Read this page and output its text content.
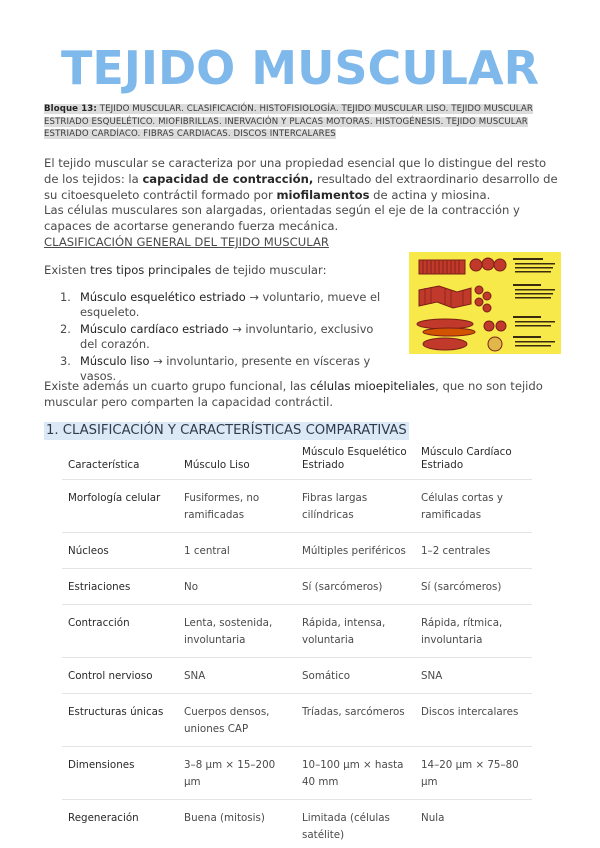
TEJIDO MUSCULAR
Bloque 13: TEJIDO MUSCULAR. CLASIFICACIÓN. HISTOFISIOLOGÍA. TEJIDO MUSCULAR LISO. TEJIDO MUSCULAR ESTRIADO ESQUELÉTICO. MIOFIBRILLAS. INERVACIÓN Y PLACAS MOTORAS. HISTOGÉNESIS. TEJIDO MUSCULAR ESTRIADO CARDÍACO. FIBRAS CARDIACAS. DISCOS INTERCALARES
El tejido muscular se caracteriza por una propiedad esencial que lo distingue del resto de los tejidos: la capacidad de contracción, resultado del extraordinario desarrollo de su citoesqueleto contráctil formado por miofilamentos de actina y miosina.
Las células musculares son alargadas, orientadas según el eje de la contracción y capaces de acortarse generando fuerza mecánica.
CLASIFICACIÓN GENERAL DEL TEJIDO MUSCULAR
Existen tres tipos principales de tejido muscular:
1. Músculo esquelético estriado → voluntario, mueve el esqueleto.
2. Músculo cardíaco estriado → involuntario, exclusivo del corazón.
3. Músculo liso → involuntario, presente en vísceras y vasos.
Existe además un cuarto grupo funcional, las células mioepiteliales, que no son tejido muscular pero comparten la capacidad contráctil.
1. CLASIFICACIÓN Y CARACTERÍSTICAS COMPARATIVAS
Característica	Músculo Liso	Músculo Esquelético Estriado	Músculo Cardíaco Estriado
Morfología celular	Fusiformes, no ramificadas	Fibras largas cilíndricas	Células cortas y ramificadas
Núcleos	1 central	Múltiples periféricos	1–2 centrales
Estriaciones	No	Sí (sarcómeros)	Sí (sarcómeros)
Contracción	Lenta, sostenida, involuntaria	Rápida, intensa, voluntaria	Rápida, rítmica, involuntaria
Control nervioso	SNA	Somático	SNA
Estructuras únicas	Cuerpos densos, uniones CAP	Tríadas, sarcómeros	Discos intercalares
Dimensiones	3–8 µm × 15–200 µm	10–100 µm × hasta 40 mm	14–20 µm × 75–80 µm
Regeneración	Buena (mitosis)	Limitada (células satélite)	Nula
